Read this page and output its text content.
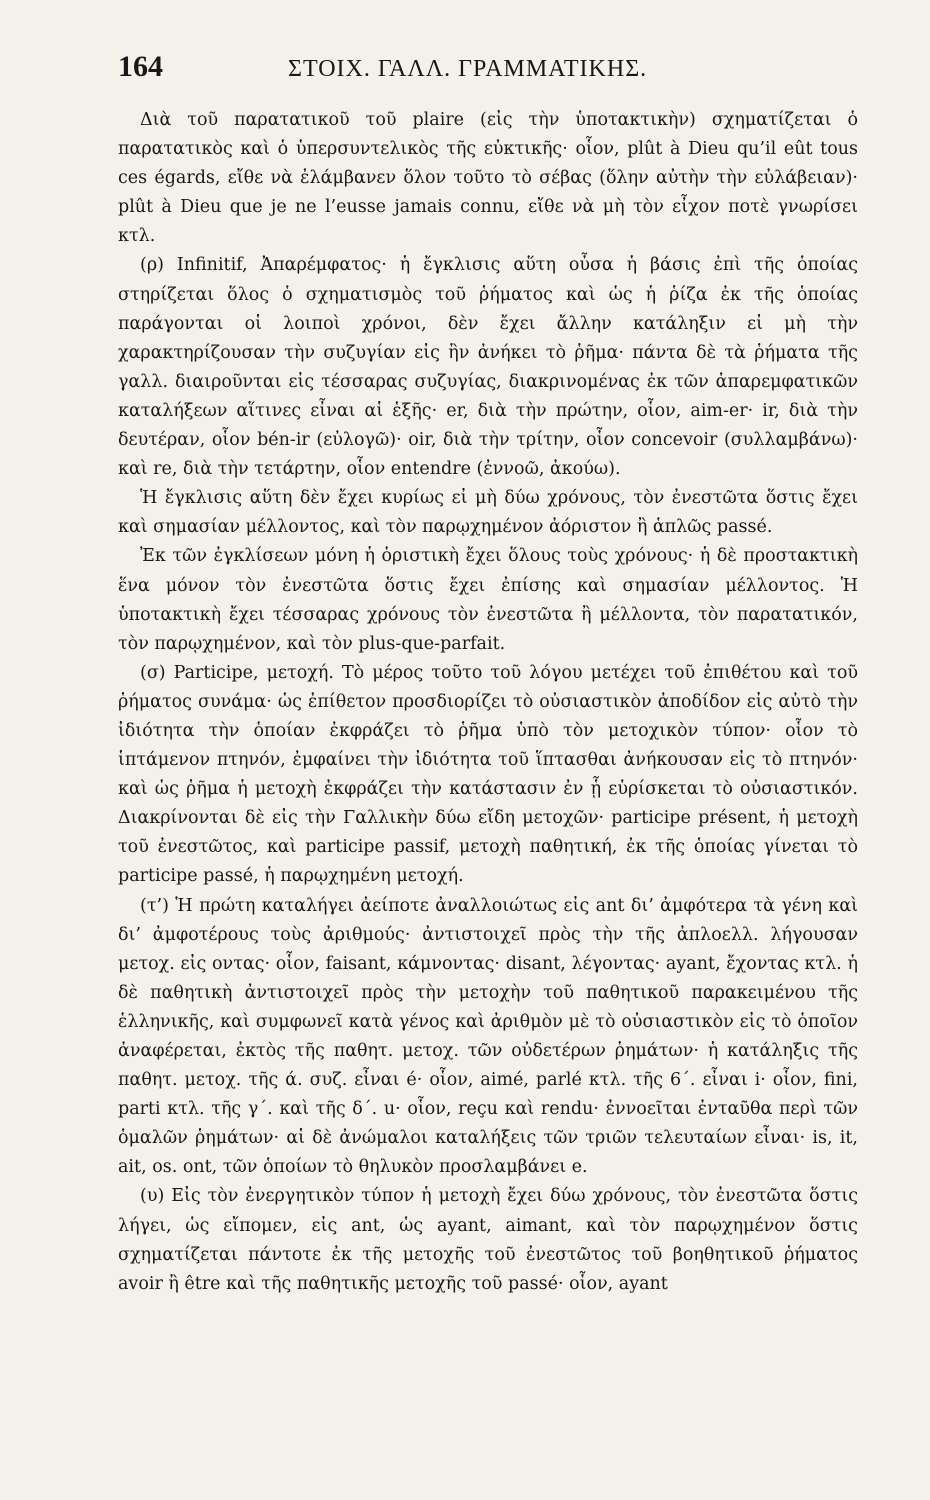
164	ΣΤΟΙΧ. ΓΑΛΛ. ΓΡΑΜΜΑΤΙΚΗΣ.

Διὰ τοῦ παρατατικοῦ τοῦ plaire (εἰς τὴν ὑποτακτικὴν) σχηματίζεται ὁ παρατατικὸς καὶ ὁ ὑπερσυντελικὸς τῆς εὐκτικῆς· οἷον, plût à Dieu qu’il eût tous ces égards, εἴθε νὰ ἐλάμβανεν ὅλον τοῦτο τὸ σέβας (ὅλην αὐτὴν τὴν εὐλάβειαν)· plût à Dieu que je ne l’eusse jamais connu, εἴθε νὰ μὴ τὸν εἶχον ποτὲ γνωρίσει κτλ.

(ρ) Infinitif, Ἀπαρέμφατος· ἡ ἔγκλισις αὕτη οὖσα ἡ βάσις ἐπὶ τῆς ὁποίας στηρίζεται ὅλος ὁ σχηματισμὸς τοῦ ῥήματος καὶ ὡς ἡ ῥίζα ἐκ τῆς ὁποίας παράγονται οἱ λοιποὶ χρόνοι, δὲν ἔχει ἄλλην κατάληξιν εἰ μὴ τὴν χαρακτηρίζουσαν τὴν συζυγίαν εἰς ἣν ἀνήκει τὸ ῥῆμα· πάντα δὲ τὰ ῥήματα τῆς γαλλ. διαιροῦνται εἰς τέσσαρας συζυγίας, διακρινομένας ἐκ τῶν ἀπαρεμφατικῶν καταλήξεων αἵτινες εἶναι αἱ ἑξῆς· er, διὰ τὴν πρώτην, οἷον, aim-er· ir, διὰ τὴν δευτέραν, οἷον bén-ir (εὐλογῶ)· oir, διὰ τὴν τρίτην, οἷον concevoir (συλλαμβάνω)· καὶ re, διὰ τὴν τετάρτην, οἷον entendre (ἐννοῶ, ἀκούω).

Ἡ ἔγκλισις αὕτη δὲν ἔχει κυρίως εἰ μὴ δύω χρόνους, τὸν ἐνεστῶτα ὅστις ἔχει καὶ σημασίαν μέλλοντος, καὶ τὸν παρῳχημένον ἀόριστον ἢ ἁπλῶς passé.

Ἐκ τῶν ἐγκλίσεων μόνη ἡ ὁριστικὴ ἔχει ὅλους τοὺς χρόνους· ἡ δὲ προστακτικὴ ἕνα μόνον τὸν ἐνεστῶτα ὅστις ἔχει ἐπίσης καὶ σημασίαν μέλλοντος. Ἡ ὑποτακτικὴ ἔχει τέσσαρας χρόνους τὸν ἐνεστῶτα ἢ μέλλοντα, τὸν παρατατικόν, τὸν παρῳχημένον, καὶ τὸν plus-que-parfait.

(σ) Participe, μετοχή. Τὸ μέρος τοῦτο τοῦ λόγου μετέχει τοῦ ἐπιθέτου καὶ τοῦ ῥήματος συνάμα· ὡς ἐπίθετον προσδιορίζει τὸ οὐσιαστικὸν ἀποδίδον εἰς αὐτὸ τὴν ἰδιότητα τὴν ὁποίαν ἐκφράζει τὸ ῥῆμα ὑπὸ τὸν μετοχικὸν τύπον· οἷον τὸ ἱπτάμενον πτηνόν, ἐμφαίνει τὴν ἰδιότητα τοῦ ἵπτασθαι ἀνήκουσαν εἰς τὸ πτηνόν· καὶ ὡς ῥῆμα ἡ μετοχὴ ἐκφράζει τὴν κατάστασιν ἐν ᾗ εὑρίσκεται τὸ οὐσιαστικόν. Διακρίνονται δὲ εἰς τὴν Γαλλικὴν δύω εἴδη μετοχῶν· participe présent, ἡ μετοχὴ τοῦ ἐνεστῶτος, καὶ participe passif, μετοχὴ παθητική, ἐκ τῆς ὁποίας γίνεται τὸ participe passé, ἡ παρῳχημένη μετοχή.

(τ’) Ἡ πρώτη καταλήγει ἀείποτε ἀναλλοιώτως εἰς ant δι’ ἀμφότερα τὰ γένη καὶ δι’ ἀμφοτέρους τοὺς ἀριθμούς· ἀντιστοιχεῖ πρὸς τὴν τῆς ἀπλοελλ. λήγουσαν μετοχ. εἰς οντας· οἷον, faisant, κάμνοντας· disant, λέγοντας· ayant, ἔχοντας κτλ. ἡ δὲ παθητικὴ ἀντιστοιχεῖ πρὸς τὴν μετοχὴν τοῦ παθητικοῦ παρακειμένου τῆς ἑλληνικῆς, καὶ συμφωνεῖ κατὰ γένος καὶ ἀριθμὸν μὲ τὸ οὐσιαστικὸν εἰς τὸ ὁποῖον ἀναφέρεται, ἐκτὸς τῆς παθητ. μετοχ. τῶν οὐδετέρων ῥημάτων· ἡ κατάληξις τῆς παθητ. μετοχ. τῆς ά. συζ. εἶναι é· οἷον, aimé, parlé κτλ. τῆς 6΄. εἶναι i· οἷον, fini, parti κτλ. τῆς γ΄. καὶ τῆς δ΄. u· οἷον, reçu καὶ rendu· ἐννοεῖται ἐνταῦθα περὶ τῶν ὁμαλῶν ῥημάτων· αἱ δὲ ἀνώμαλοι καταλήξεις τῶν τριῶν τελευταίων εἶναι· is, it, ait, os. ont, τῶν ὁποίων τὸ θηλυκὸν προσλαμβάνει e.

(υ) Εἰς τὸν ἐνεργητικὸν τύπον ἡ μετοχὴ ἔχει δύω χρόνους, τὸν ἐνεστῶτα ὅστις λήγει, ὡς εἴπομεν, εἰς ant, ὡς ayant, aimant, καὶ τὸν παρῳχημένον ὅστις σχηματίζεται πάντοτε ἐκ τῆς μετοχῆς τοῦ ἐνεστῶτος τοῦ βοηθητικοῦ ῥήματος avoir ἢ être καὶ τῆς παθητικῆς μετοχῆς τοῦ passé· οἷον, ayant
